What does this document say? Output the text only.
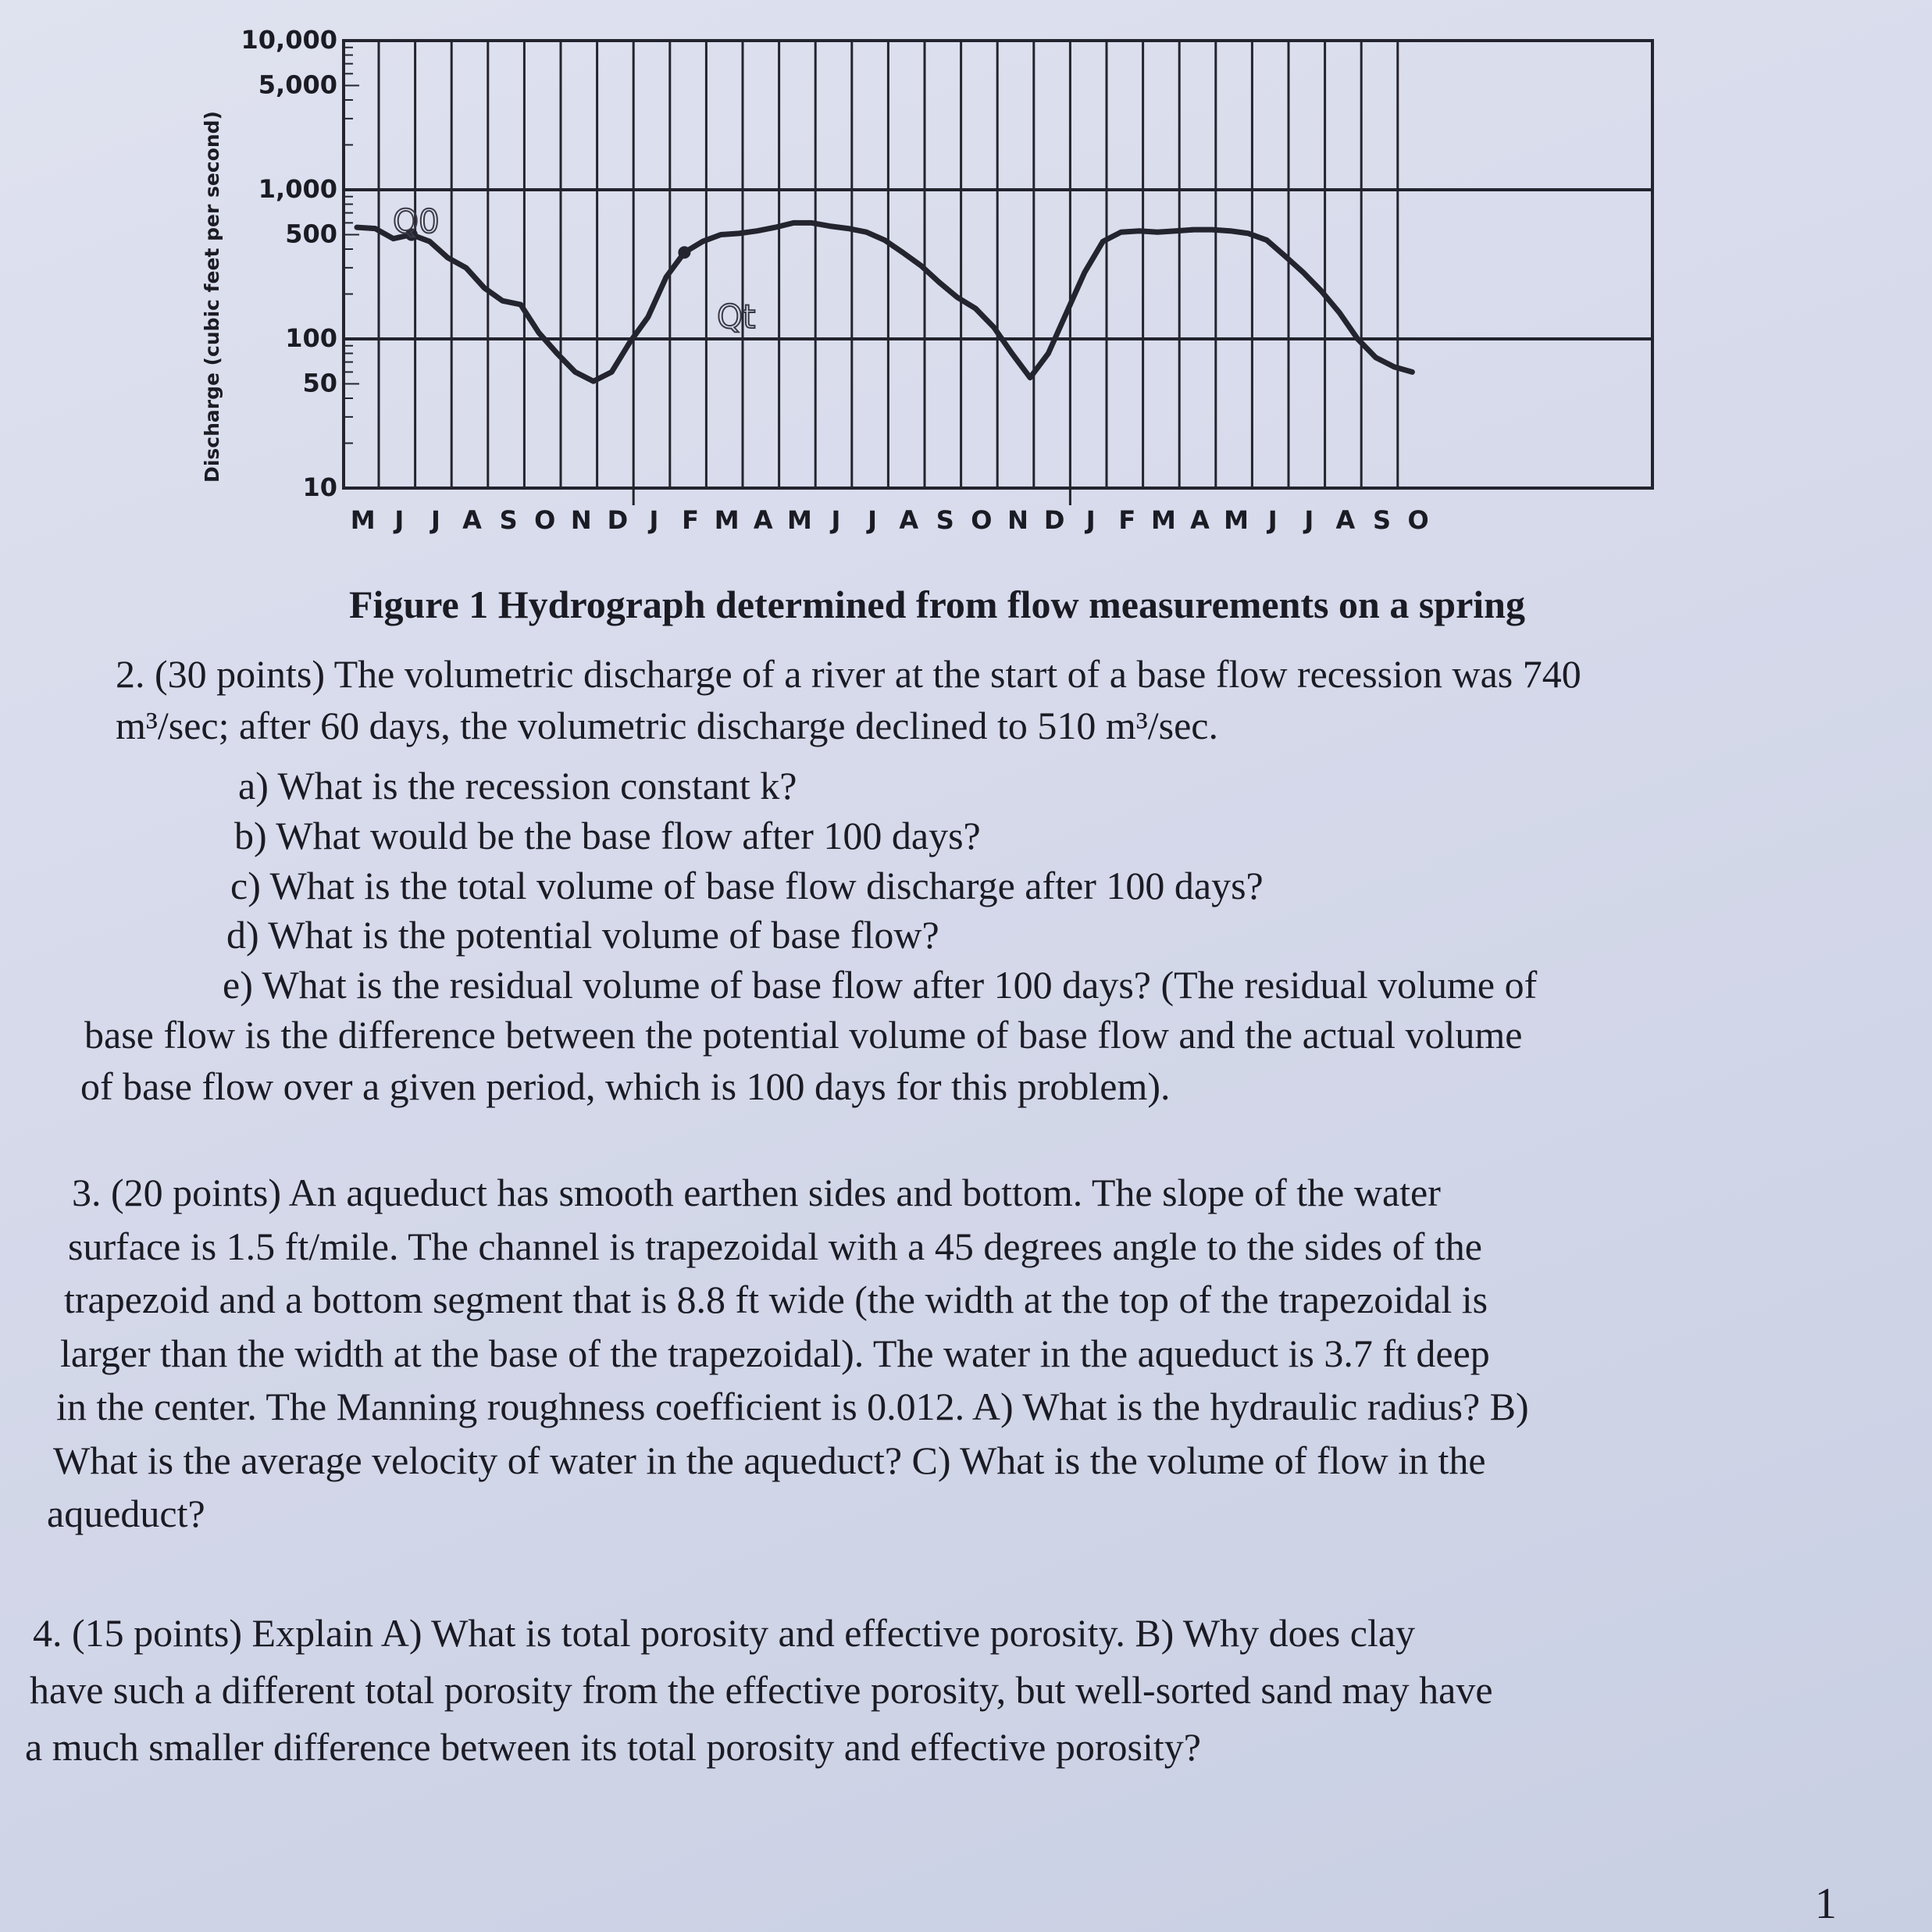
10,000
5,000
1,000
500
100
50
10
M J J A S O N D J F M A M J J A S O N D J F M A M J J A S O
Discharge (cubic feet per second)	Q0
Qt
Figure 1 Hydrograph determined from flow measurements on a spring
2. (30 points) The volumetric discharge of a river at the start of a base flow recession was 740
m³/sec; after 60 days, the volumetric discharge declined to 510 m³/sec.
a) What is the recession constant k?
b) What would be the base flow after 100 days?
c) What is the total volume of base flow discharge after 100 days?
d) What is the potential volume of base flow?
e) What is the residual volume of base flow after 100 days? (The residual volume of
base flow is the difference between the potential volume of base flow and the actual volume
of base flow over a given period, which is 100 days for this problem).
3. (20 points) An aqueduct has smooth earthen sides and bottom. The slope of the water
surface is 1.5 ft/mile. The channel is trapezoidal with a 45 degrees angle to the sides of the
trapezoid and a bottom segment that is 8.8 ft wide (the width at the top of the trapezoidal is
larger than the width at the base of the trapezoidal). The water in the aqueduct is 3.7 ft deep
in the center. The Manning roughness coefficient is 0.012. A) What is the hydraulic radius? B)
What is the average velocity of water in the aqueduct? C) What is the volume of flow in the
aqueduct?
4. (15 points) Explain A) What is total porosity and effective porosity. B) Why does clay
have such a different total porosity from the effective porosity, but well-sorted sand may have
a much smaller difference between its total porosity and effective porosity?
1
